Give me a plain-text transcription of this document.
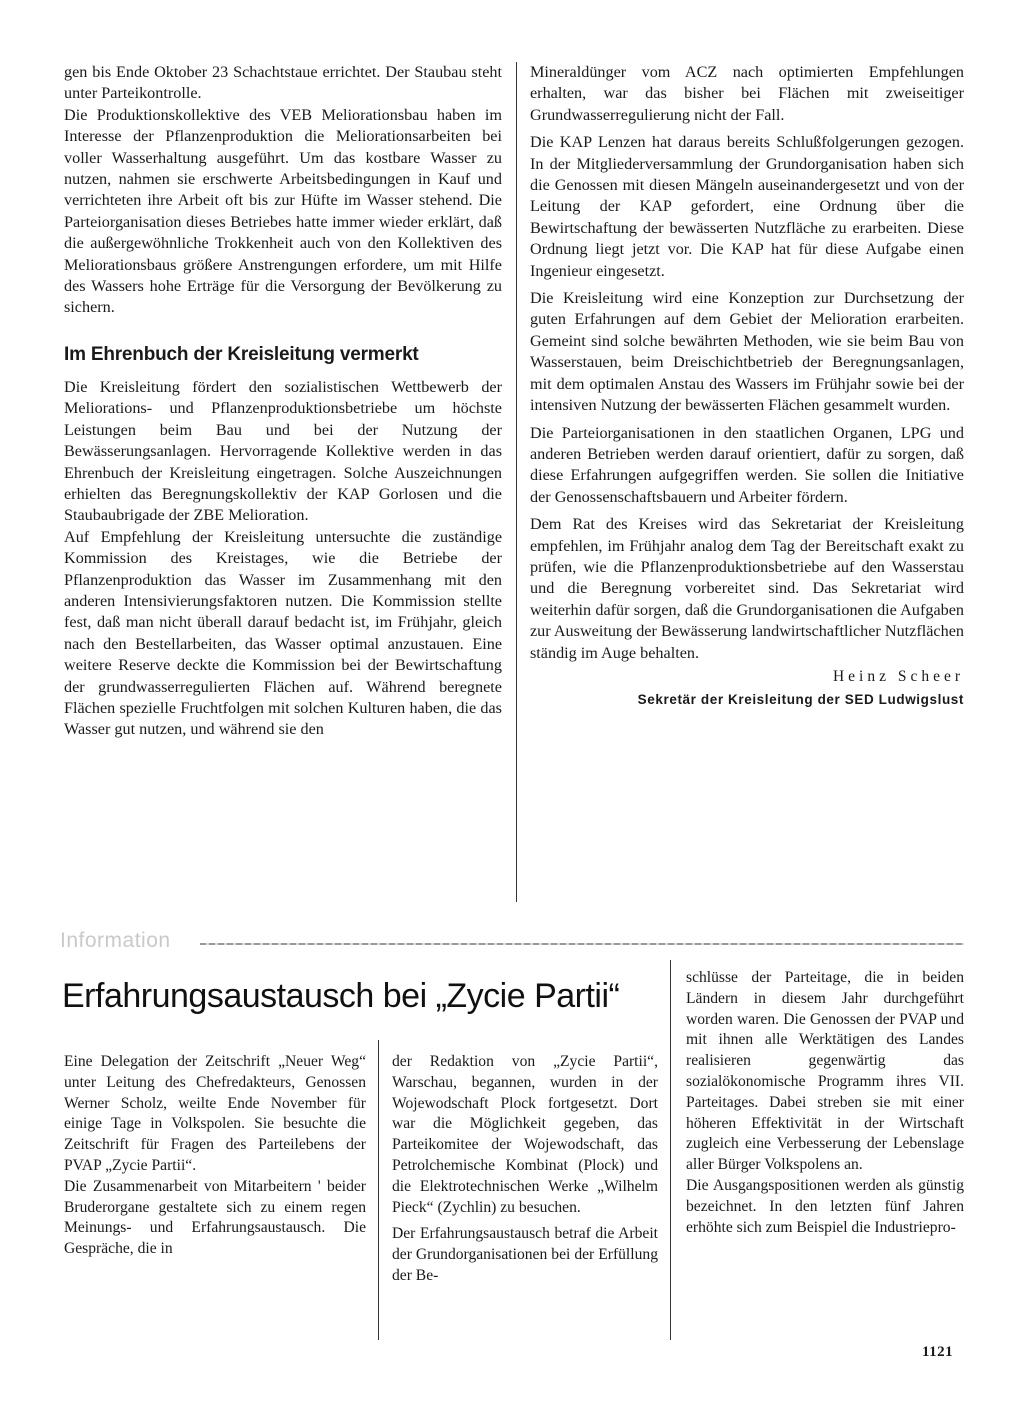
gen bis Ende Oktober 23 Schachtstaue errichtet. Der Staubau steht unter Parteikontrolle.

Die Produktionskollektive des VEB Meliorationsbau haben im Interesse der Pflanzenproduktion die Meliorationsarbeiten bei voller Wasserhaltung ausgeführt. Um das kostbare Wasser zu nutzen, nahmen sie erschwerte Arbeitsbedingungen in Kauf und verrichteten ihre Arbeit oft bis zur Hüfte im Wasser stehend. Die Parteiorganisation dieses Betriebes hatte immer wieder erklärt, daß die außergewöhnliche Trokkenheit auch von den Kollektiven des Meliorationsbaus größere Anstrengungen erfordere, um mit Hilfe des Wassers hohe Erträge für die Versorgung der Bevölkerung zu sichern.

Im Ehrenbuch der Kreisleitung vermerkt

Die Kreisleitung fördert den sozialistischen Wettbewerb der Meliorations- und Pflanzenproduktionsbetriebe um höchste Leistungen beim Bau und bei der Nutzung der Bewässerungsanlagen. Hervorragende Kollektive werden in das Ehrenbuch der Kreisleitung eingetragen. Solche Auszeichnungen erhielten das Beregnungskollektiv der KAP Gorlosen und die Staubaubrigade der ZBE Melioration.

Auf Empfehlung der Kreisleitung untersuchte die zuständige Kommission des Kreistages, wie die Betriebe der Pflanzenproduktion das Wasser im Zusammenhang mit den anderen Intensivierungsfaktoren nutzen. Die Kommission stellte fest, daß man nicht überall darauf bedacht ist, im Frühjahr, gleich nach den Bestellarbeiten, das Wasser optimal anzustauen. Eine weitere Reserve deckte die Kommission bei der Bewirtschaftung der grundwasserregulierten Flächen auf. Während beregnete Flächen spezielle Fruchtfolgen mit solchen Kulturen haben, die das Wasser gut nutzen, und während sie den

Mineraldünger vom ACZ nach optimierten Empfehlungen erhalten, war das bisher bei Flächen mit zweiseitiger Grundwasserregulierung nicht der Fall.

Die KAP Lenzen hat daraus bereits Schlußfolgerungen gezogen. In der Mitgliederversammlung der Grundorganisation haben sich die Genossen mit diesen Mängeln auseinandergesetzt und von der Leitung der KAP gefordert, eine Ordnung über die Bewirtschaftung der bewässerten Nutzfläche zu erarbeiten. Diese Ordnung liegt jetzt vor. Die KAP hat für diese Aufgabe einen Ingenieur eingesetzt.

Die Kreisleitung wird eine Konzeption zur Durchsetzung der guten Erfahrungen auf dem Gebiet der Melioration erarbeiten. Gemeint sind solche bewährten Methoden, wie sie beim Bau von Wasserstauen, beim Dreischichtbetrieb der Beregnungsanlagen, mit dem optimalen Anstau des Wassers im Frühjahr sowie bei der intensiven Nutzung der bewässerten Flächen gesammelt wurden.

Die Parteiorganisationen in den staatlichen Organen, LPG und anderen Betrieben werden darauf orientiert, dafür zu sorgen, daß diese Erfahrungen aufgegriffen werden. Sie sollen die Initiative der Genossenschaftsbauern und Arbeiter fördern.

Dem Rat des Kreises wird das Sekretariat der Kreisleitung empfehlen, im Frühjahr analog dem Tag der Bereitschaft exakt zu prüfen, wie die Pflanzenproduktionsbetriebe auf den Wasserstau und die Beregnung vorbereitet sind. Das Sekretariat wird weiterhin dafür sorgen, daß die Grundorganisationen die Aufgaben zur Ausweitung der Bewässerung landwirtschaftlicher Nutzflächen ständig im Auge behalten.

Heinz Scheer
Sekretär der Kreisleitung der SED Ludwigslust
Information
Erfahrungsaustausch bei „Zycie Partii“

Eine Delegation der Zeitschrift „Neuer Weg“ unter Leitung des Chefredakteurs, Genossen Werner Scholz, weilte Ende November für einige Tage in Volkspolen. Sie besuchte die Zeitschrift für Fragen des Parteilebens der PVAP „Zycie Partii“.

Die Zusammenarbeit von Mitarbeitern ' beider Bruderorgane gestaltete sich zu einem regen Meinungs- und Erfahrungsaustausch. Die Gespräche, die in

der Redaktion von „Zycie Partii“, Warschau, begannen, wurden in der Wojewodschaft Plock fortgesetzt. Dort war die Möglichkeit gegeben, das Parteikomitee der Wojewodschaft, das Petrolchemische Kombinat (Plock) und die Elektrotechnischen Werke „Wilhelm Pieck“ (Zychlin) zu besuchen.

Der Erfahrungsaustausch betraf die Arbeit der Grundorganisationen bei der Erfüllung der Be-

schlüsse der Parteitage, die in beiden Ländern in diesem Jahr durchgeführt worden waren. Die Genossen der PVAP und mit ihnen alle Werktätigen des Landes realisieren gegenwärtig das sozialökonomische Programm ihres VII. Parteitages. Dabei streben sie mit einer höheren Effektivität in der Wirtschaft zugleich eine Verbesserung der Lebenslage aller Bürger Volkspolens an.

Die Ausgangspositionen werden als günstig bezeichnet. In den letzten fünf Jahren erhöhte sich zum Beispiel die Industriepro-

1121
